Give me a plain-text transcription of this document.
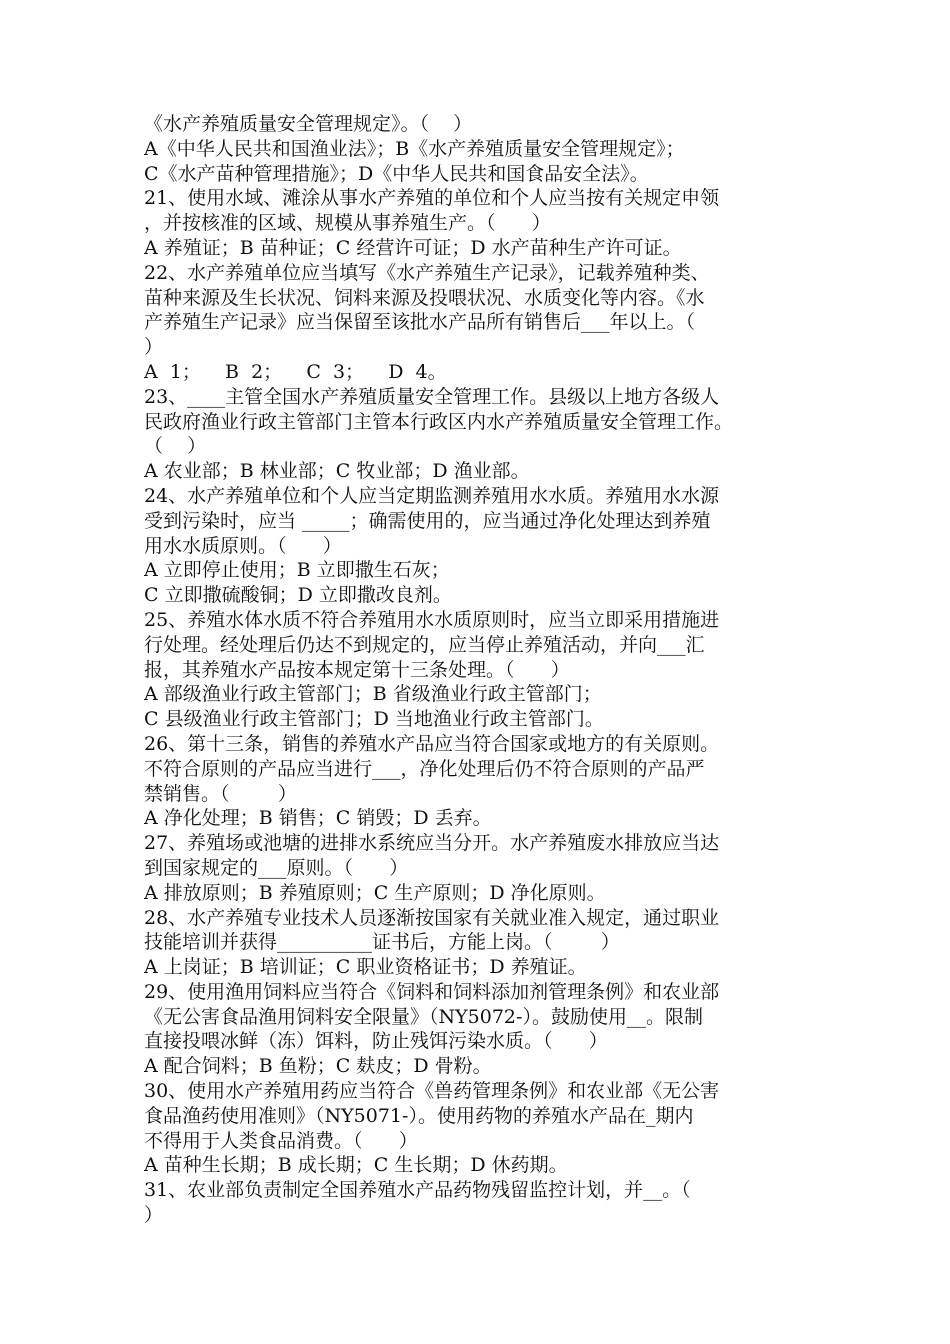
《水产养殖质量安全管理规定》。（    ）
A《中华人民共和国渔业法》；B《水产养殖质量安全管理规定》；
C《水产苗种管理措施》；D《中华人民共和国食品安全法》。
21、使用水域、滩涂从事水产养殖的单位和个人应当按有关规定申领
，并按核准的区域、规模从事养殖生产。（      ）
A 养殖证；B 苗种证；C 经营许可证；D 水产苗种生产许可证。
22、水产养殖单位应当填写《水产养殖生产记录》，记载养殖种类、
苗种来源及生长状况、饲料来源及投喂状况、水质变化等内容。《水
产养殖生产记录》应当保留至该批水产品所有销售后___年以上。（
）
A  1；    B  2；    C  3；    D  4。
23、____主管全国水产养殖质量安全管理工作。县级以上地方各级人
民政府渔业行政主管部门主管本行政区内水产养殖质量安全管理工作。
（    ）
A 农业部；B 林业部；C 牧业部；D 渔业部。
24、水产养殖单位和个人应当定期监测养殖用水水质。养殖用水水源
受到污染时，应当 _____；确需使用的，应当通过净化处理达到养殖
用水水质原则。（      ）
A 立即停止使用；B 立即撒生石灰；
C 立即撒硫酸铜；D 立即撒改良剂。
25、养殖水体水质不符合养殖用水水质原则时，应当立即采用措施进
行处理。经处理后仍达不到规定的，应当停止养殖活动，并向___汇
报，其养殖水产品按本规定第十三条处理。（      ）
A 部级渔业行政主管部门；B 省级渔业行政主管部门；
C 县级渔业行政主管部门；D 当地渔业行政主管部门。
26、第十三条，销售的养殖水产品应当符合国家或地方的有关原则。
不符合原则的产品应当进行___，净化处理后仍不符合原则的产品严
禁销售。（        ）
A 净化处理；B 销售；C 销毁；D 丢弃。
27、养殖场或池塘的进排水系统应当分开。水产养殖废水排放应当达
到国家规定的___原则。（      ）
A 排放原则；B 养殖原则；C 生产原则；D 净化原则。
28、水产养殖专业技术人员逐渐按国家有关就业准入规定，通过职业
技能培训并获得__________证书后，方能上岗。（        ）
A 上岗证；B 培训证；C 职业资格证书；D 养殖证。
29、使用渔用饲料应当符合《饲料和饲料添加剂管理条例》和农业部
《无公害食品渔用饲料安全限量》（NY5072-）。鼓励使用__。限制
直接投喂冰鲜（冻）饵料，防止残饵污染水质。（      ）
A 配合饲料；B 鱼粉；C 麸皮；D 骨粉。
30、使用水产养殖用药应当符合《兽药管理条例》和农业部《无公害
食品渔药使用准则》（NY5071-）。使用药物的养殖水产品在_期内
不得用于人类食品消费。（      ）
A 苗种生长期；B 成长期；C 生长期；D 休药期。
31、农业部负责制定全国养殖水产品药物残留监控计划，并__。（
）
